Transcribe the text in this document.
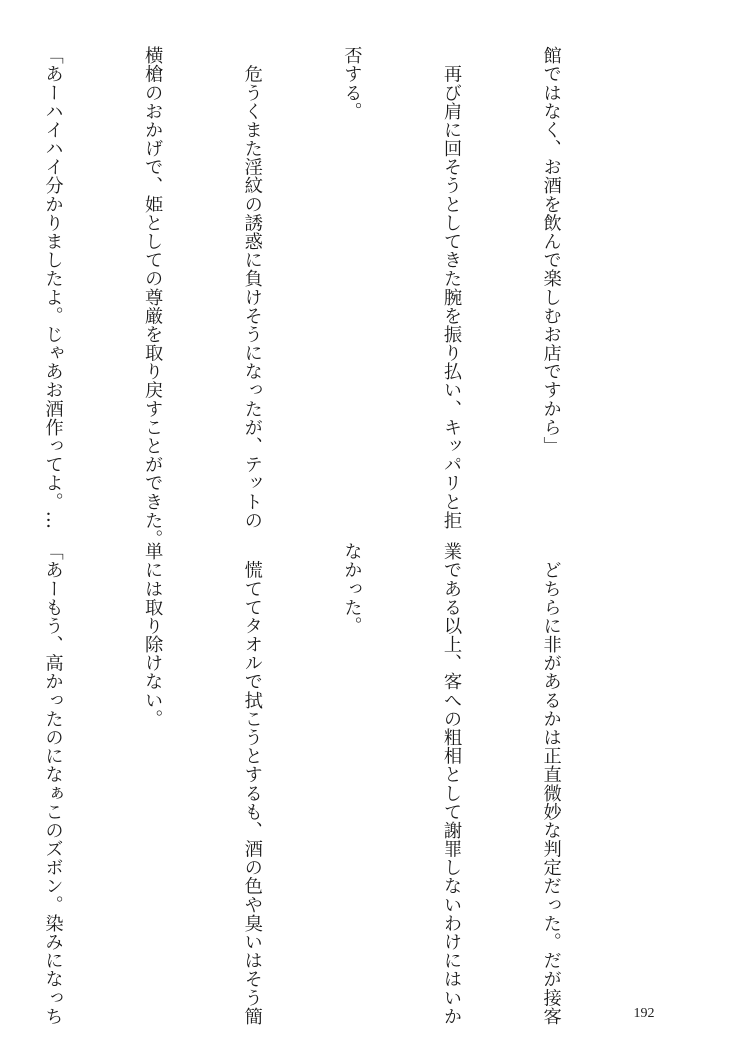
館ではなく、お酒を飲んで楽しむお店ですから」

　再び肩に回そうとしてきた腕を振り払い、キッパリと拒

否する。

　危うくまた淫紋の誘惑に負けそうになったが、テットの

横槍のおかげで、姫としての尊厳を取り戻すことができた。

「あーハイハイ分かりましたよ。じゃあお酒作ってよ。…

　どちらに非があるかは正直微妙な判定だった。だが接客

業である以上、客への粗相として謝罪しないわけにはいか

なかった。

　慌ててタオルで拭こうとするも、酒の色や臭いはそう簡

単には取り除けない。

「あーもう、高かったのになぁこのズボン。染みになっち

	192
